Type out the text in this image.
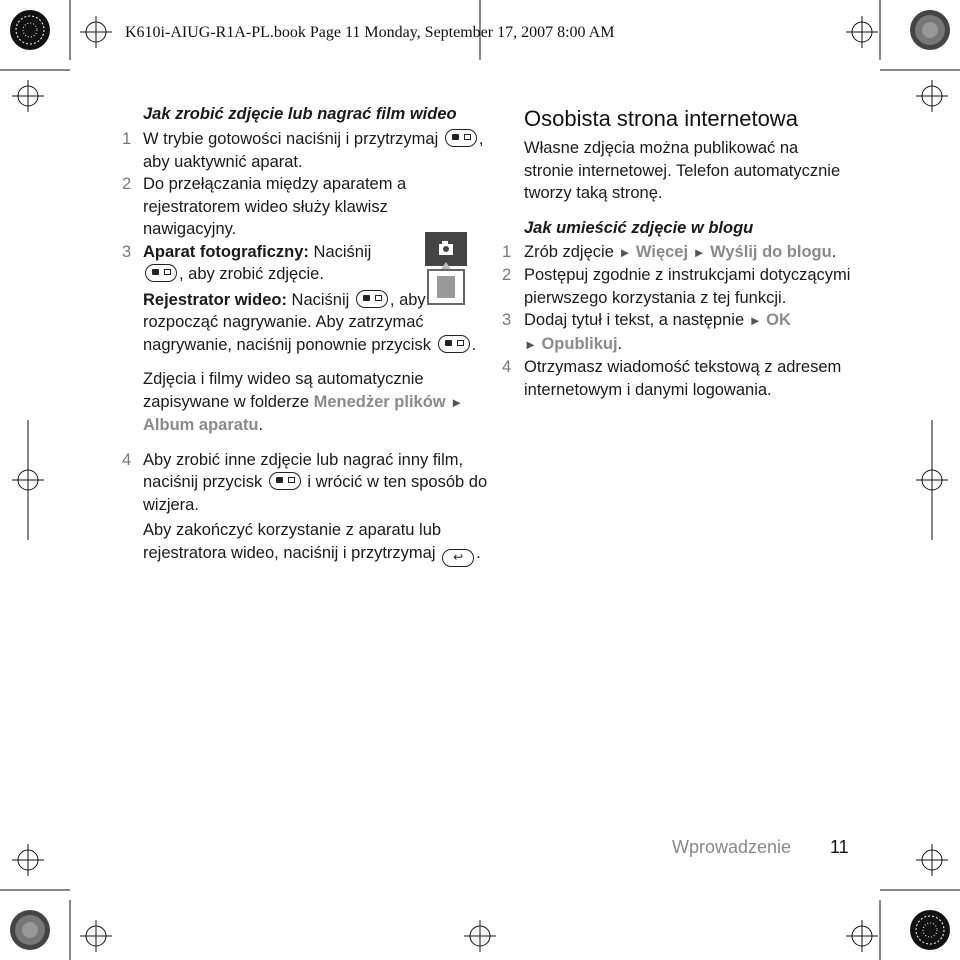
K610i-AIUG-R1A-PL.book Page 11 Monday, September 17, 2007 8:00 AM
Jak zrobić zdjęcie lub nagrać film wideo
1 W trybie gotowości naciśnij i przytrzymaj , aby uaktywnić aparat.
2 Do przełączania między aparatem a rejestratorem wideo służy klawisz nawigacyjny.
3 Aparat fotograficzny: Naciśnij
, aby zrobić zdjęcie.
Rejestrator wideo: Naciśnij , aby rozpocząć nagrywanie. Aby zatrzymać nagrywanie, naciśnij ponownie przycisk .
Zdjęcia i filmy wideo są automatycznie zapisywane w folderze Menedżer plików ► Album aparatu.
4 Aby zrobić inne zdjęcie lub nagrać inny film, naciśnij przycisk  i wrócić w ten sposób do wizjera.
Aby zakończyć korzystanie z aparatu lub rejestratora wideo, naciśnij i przytrzymaj ↩ .
Osobista strona internetowa
Własne zdjęcia można publikować na stronie internetowej. Telefon automatycznie tworzy taką stronę.
Jak umieścić zdjęcie w blogu
1 Zrób zdjęcie ► Więcej ► Wyślij do blogu.
2 Postępuj zgodnie z instrukcjami dotyczącymi pierwszego korzystania z tej funkcji.
3 Dodaj tytuł i tekst, a następnie ► OK
► Opublikuj.
4 Otrzymasz wiadomość tekstową z adresem internetowym i danymi logowania.
Wprowadzenie 11
